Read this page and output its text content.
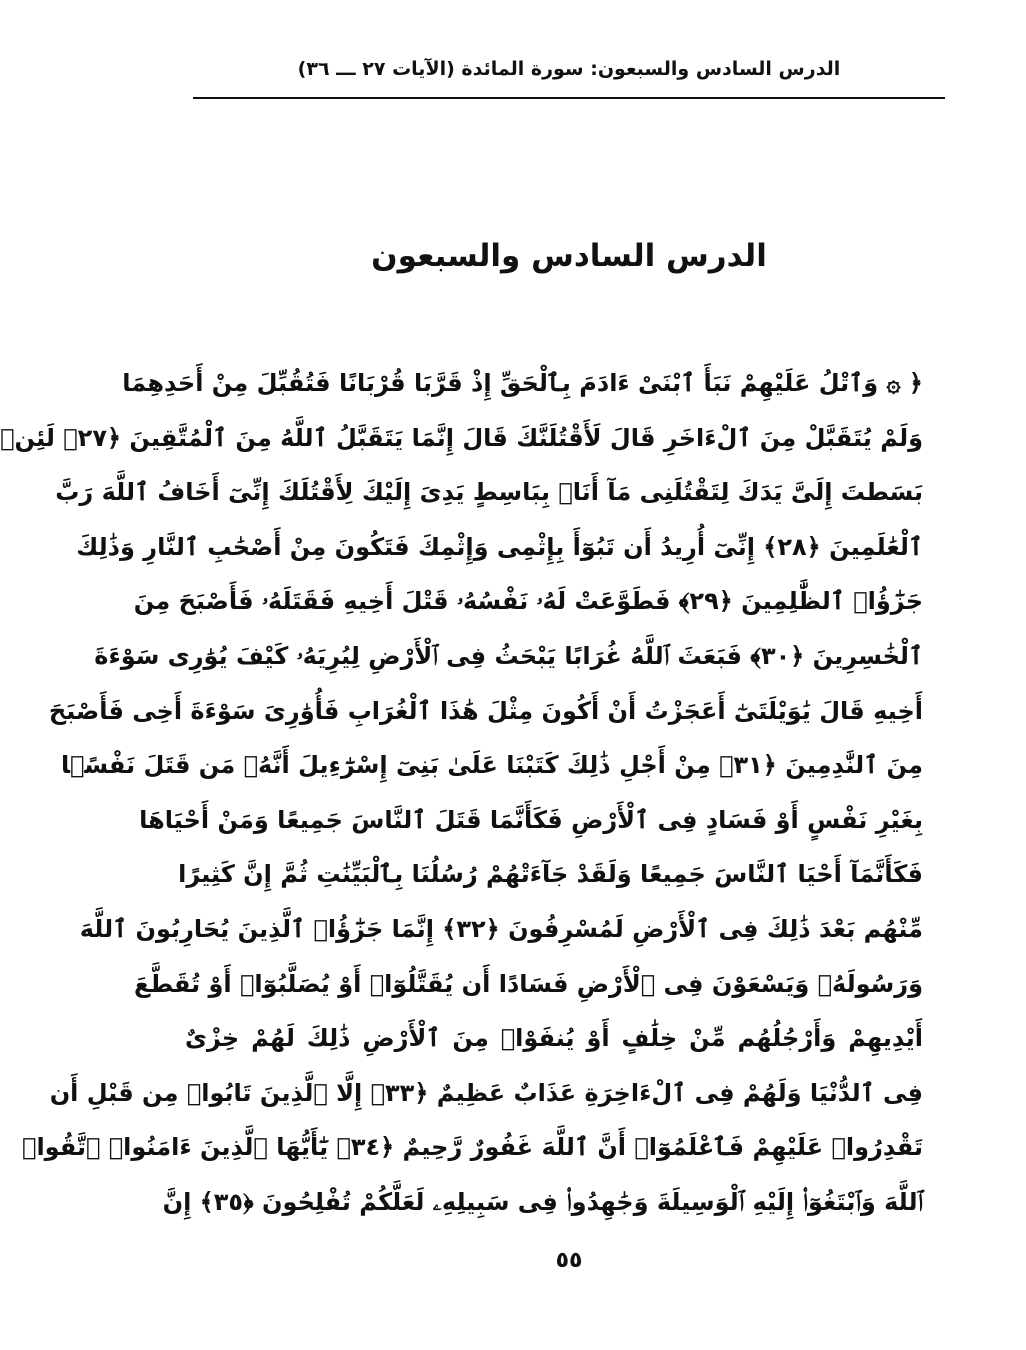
الدرس السادس والسبعون: سورة المائدة (الآيات ٢٧ ـــ ٣٦)
الدرس السادس والسبعون
﴿ ۞ وَٱتْلُ عَلَيْهِمْ نَبَأَ ٱبْنَىْ ءَادَمَ بِٱلْحَقِّ إِذْ قَرَّبَا قُرْبَانًا فَتُقُبِّلَ مِنْ أَحَدِهِمَا
وَلَمْ يُتَقَبَّلْ مِنَ ٱلْءَاخَرِ قَالَ لَأَقْتُلَنَّكَ قَالَ إِنَّمَا يَتَقَبَّلُ ٱللَّهُ مِنَ ٱلْمُتَّقِينَ ﴿٢٧﴾ لَئِنۢ
بَسَطتَ إِلَىَّ يَدَكَ لِتَقْتُلَنِى مَآ أَنَا۠ بِبَاسِطٍ يَدِىَ إِلَيْكَ لِأَقْتُلَكَ إِنِّىٓ أَخَافُ ٱللَّهَ رَبَّ
ٱلْعَٰلَمِينَ ﴿٢٨﴾ إِنِّىٓ أُرِيدُ أَن تَبُوٓأَ بِإِثْمِى وَإِثْمِكَ فَتَكُونَ مِنْ أَصْحَٰبِ ٱلنَّارِ وَذَٰلِكَ
جَزَٰٓؤُا۟ ٱلظَّٰلِمِينَ ﴿٢٩﴾ فَطَوَّعَتْ لَهُۥ نَفْسُهُۥ قَتْلَ أَخِيهِ فَقَتَلَهُۥ فَأَصْبَحَ مِنَ
ٱلْخَٰسِرِينَ ﴿٣٠﴾ فَبَعَثَ ٱللَّهُ غُرَابًا يَبْحَثُ فِى ٱلْأَرْضِ لِيُرِيَهُۥ كَيْفَ يُوَٰرِى سَوْءَةَ
أَخِيهِ قَالَ يَٰوَيْلَتَىٰٓ أَعَجَزْتُ أَنْ أَكُونَ مِثْلَ هَٰذَا ٱلْغُرَابِ فَأُوَٰرِىَ سَوْءَةَ أَخِى فَأَصْبَحَ
مِنَ ٱلنَّٰدِمِينَ ﴿٣١﴾ مِنْ أَجْلِ ذَٰلِكَ كَتَبْنَا عَلَىٰ بَنِىٓ إِسْرَٰٓءِيلَ أَنَّهُۥ مَن قَتَلَ نَفْسًۢا
بِغَيْرِ نَفْسٍ أَوْ فَسَادٍ فِى ٱلْأَرْضِ فَكَأَنَّمَا قَتَلَ ٱلنَّاسَ جَمِيعًا وَمَنْ أَحْيَاهَا
فَكَأَنَّمَآ أَحْيَا ٱلنَّاسَ جَمِيعًا وَلَقَدْ جَآءَتْهُمْ رُسُلُنَا بِٱلْبَيِّنَٰتِ ثُمَّ إِنَّ كَثِيرًا
مِّنْهُم بَعْدَ ذَٰلِكَ فِى ٱلْأَرْضِ لَمُسْرِفُونَ ﴿٣٢﴾ إِنَّمَا جَزَٰٓؤُا۟ ٱلَّذِينَ يُحَارِبُونَ ٱللَّهَ
وَرَسُولَهُۥ وَيَسْعَوْنَ فِى ٱلْأَرْضِ فَسَادًا أَن يُقَتَّلُوٓا۟ أَوْ يُصَلَّبُوٓا۟ أَوْ تُقَطَّعَ
أَيْدِيهِمْ وَأَرْجُلُهُم مِّنْ خِلَٰفٍ أَوْ يُنفَوْا۟ مِنَ ٱلْأَرْضِ ذَٰلِكَ لَهُمْ خِزْىٌ
فِى ٱلدُّنْيَا وَلَهُمْ فِى ٱلْءَاخِرَةِ عَذَابٌ عَظِيمٌ ﴿٣٣﴾ إِلَّا ٱلَّذِينَ تَابُوا۟ مِن قَبْلِ أَن
تَقْدِرُوا۟ عَلَيْهِمْ فَٱعْلَمُوٓا۟ أَنَّ ٱللَّهَ غَفُورٌ رَّحِيمٌ ﴿٣٤﴾ يَٰٓأَيُّهَا ٱلَّذِينَ ءَامَنُوا۟ ٱتَّقُوا۟
ٱللَّهَ وَٱبْتَغُوٓا۟ إِلَيْهِ ٱلْوَسِيلَةَ وَجَٰهِدُوا۟ فِى سَبِيلِهِۦ لَعَلَّكُمْ تُفْلِحُونَ ﴿٣٥﴾ إِنَّ
٥٥
